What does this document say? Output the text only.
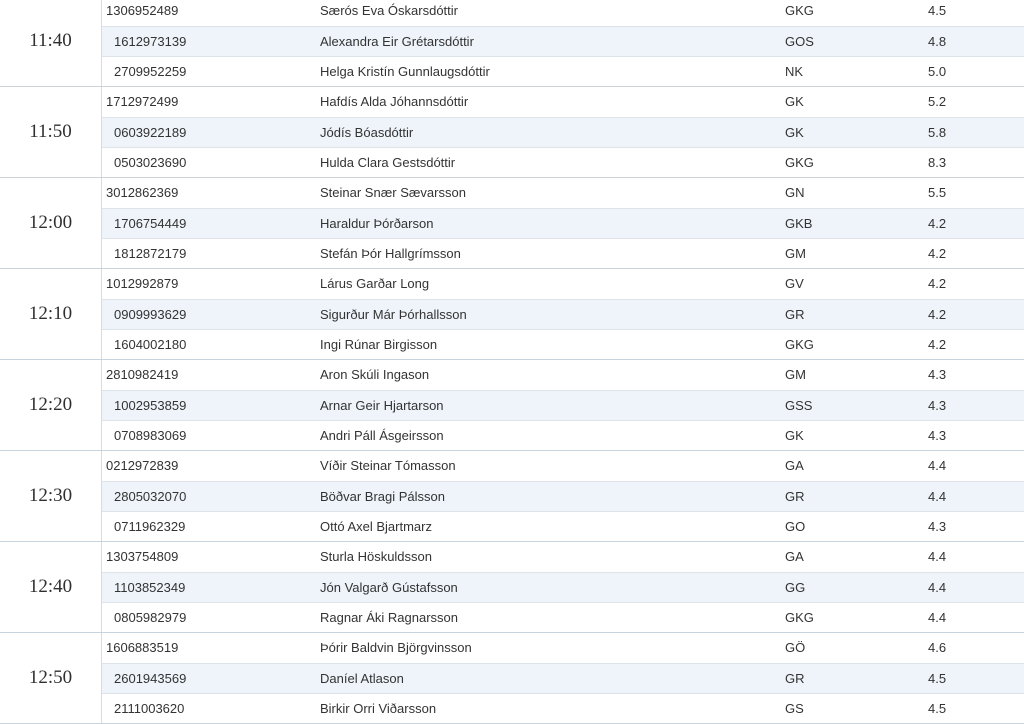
11:40
1306952489	Særós Eva Óskarsdóttir	GKG	4.5
1612973139	Alexandra Eir Grétarsdóttir	GOS	4.8
2709952259	Helga Kristín Gunnlaugsdóttir	NK	5.0
11:50
1712972499	Hafdís Alda Jóhannsdóttir	GK	5.2
0603922189	Jódís Bóasdóttir	GK	5.8
0503023690	Hulda Clara Gestsdóttir	GKG	8.3
12:00
3012862369	Steinar Snær Sævarsson	GN	5.5
1706754449	Haraldur Þórðarson	GKB	4.2
1812872179	Stefán Þór Hallgrímsson	GM	4.2
12:10
1012992879	Lárus Garðar Long	GV	4.2
0909993629	Sigurður Már Þórhallsson	GR	4.2
1604002180	Ingi Rúnar Birgisson	GKG	4.2
12:20
2810982419	Aron Skúli Ingason	GM	4.3
1002953859	Arnar Geir Hjartarson	GSS	4.3
0708983069	Andri Páll Ásgeirsson	GK	4.3
12:30
0212972839	Víðir Steinar Tómasson	GA	4.4
2805032070	Böðvar Bragi Pálsson	GR	4.4
0711962329	Ottó Axel Bjartmarz	GO	4.3
12:40
1303754809	Sturla Höskuldsson	GA	4.4
1103852349	Jón Valgarð Gústafsson	GG	4.4
0805982979	Ragnar Áki Ragnarsson	GKG	4.4
12:50
1606883519	Þórir Baldvin Björgvinsson	GÖ	4.6
2601943569	Daníel Atlason	GR	4.5
2111003620	Birkir Orri Viðarsson	GS	4.5
